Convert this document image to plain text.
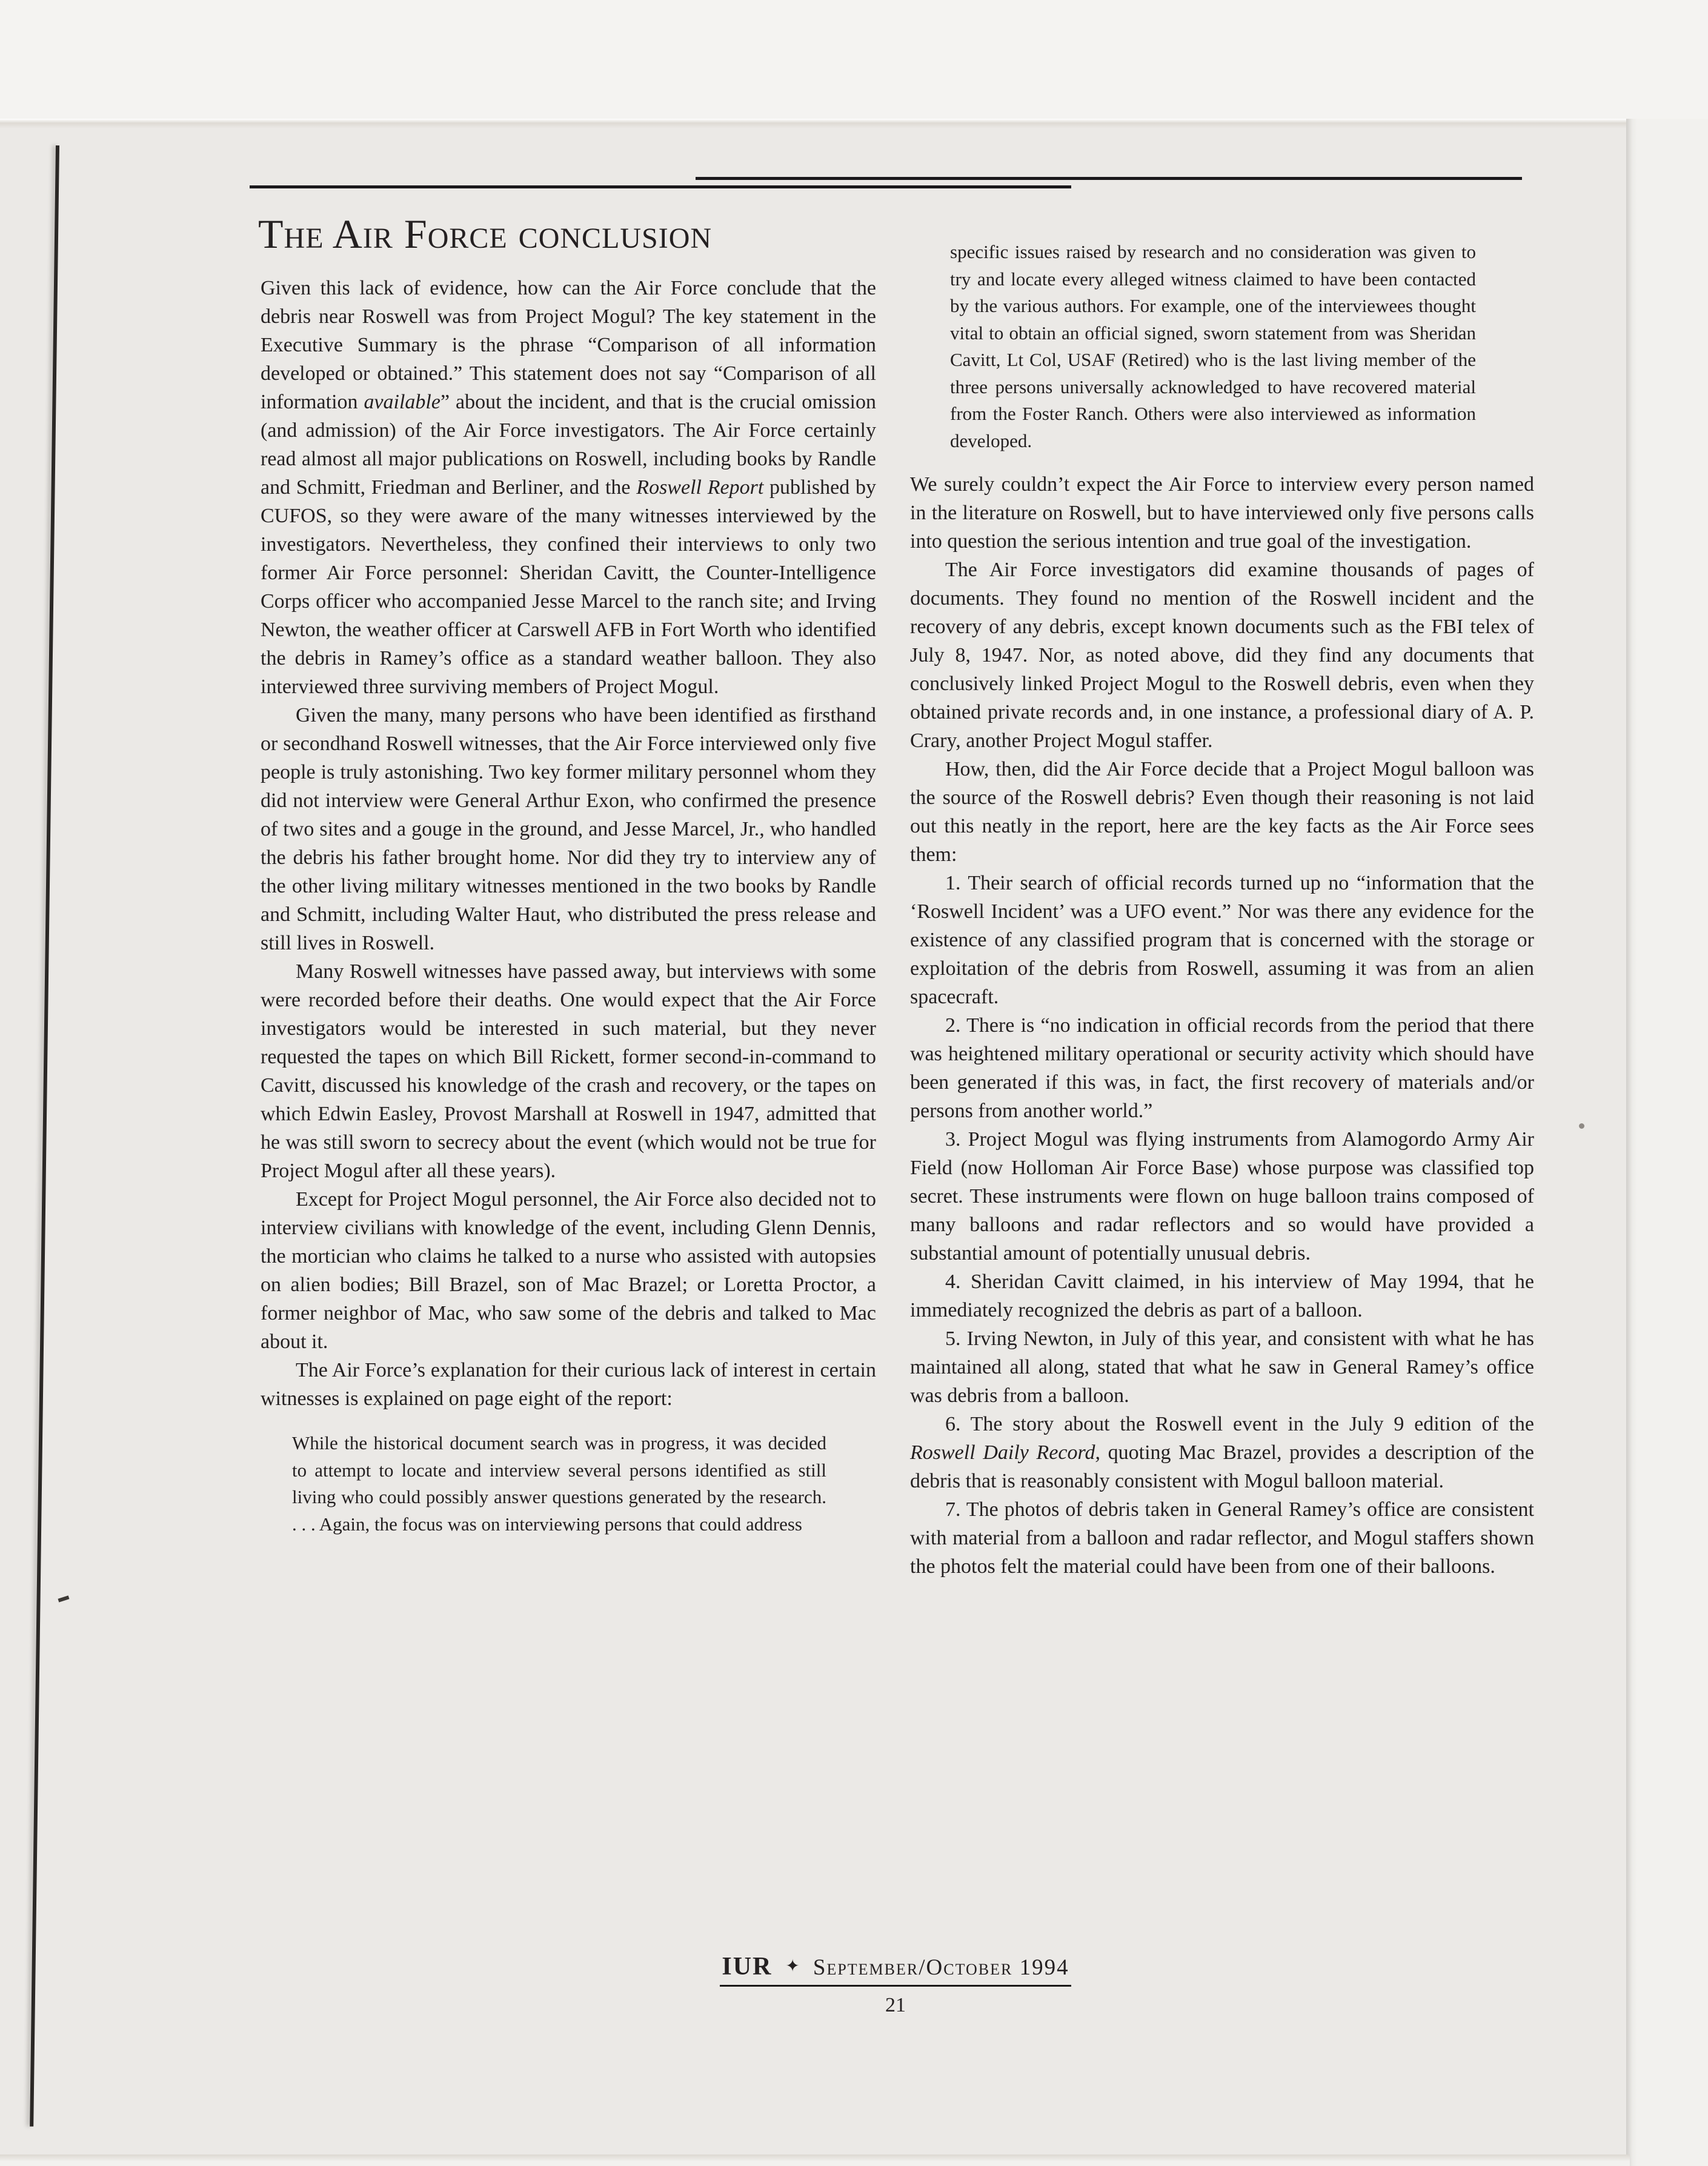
The Air Force conclusion

Given this lack of evidence, how can the Air Force conclude that the debris near Roswell was from Project Mogul? The key statement in the Executive Summary is the phrase “Comparison of all information developed or obtained.” This statement does not say “Comparison of all information available” about the incident, and that is the crucial omission (and admission) of the Air Force investigators. The Air Force certainly read almost all major publications on Roswell, including books by Randle and Schmitt, Friedman and Berliner, and the Roswell Report published by CUFOS, so they were aware of the many witnesses interviewed by the investigators. Nevertheless, they confined their interviews to only two former Air Force personnel: Sheridan Cavitt, the Counter-Intelligence Corps officer who accompanied Jesse Marcel to the ranch site; and Irving Newton, the weather officer at Carswell AFB in Fort Worth who identified the debris in Ramey’s office as a standard weather balloon. They also interviewed three surviving members of Project Mogul.

Given the many, many persons who have been identified as firsthand or secondhand Roswell witnesses, that the Air Force interviewed only five people is truly astonishing. Two key former military personnel whom they did not interview were General Arthur Exon, who confirmed the presence of two sites and a gouge in the ground, and Jesse Marcel, Jr., who handled the debris his father brought home. Nor did they try to interview any of the other living military witnesses mentioned in the two books by Randle and Schmitt, including Walter Haut, who distributed the press release and still lives in Roswell.

Many Roswell witnesses have passed away, but interviews with some were recorded before their deaths. One would expect that the Air Force investigators would be interested in such material, but they never requested the tapes on which Bill Rickett, former second-in-command to Cavitt, discussed his knowledge of the crash and recovery, or the tapes on which Edwin Easley, Provost Marshall at Roswell in 1947, admitted that he was still sworn to secrecy about the event (which would not be true for Project Mogul after all these years).

Except for Project Mogul personnel, the Air Force also decided not to interview civilians with knowledge of the event, including Glenn Dennis, the mortician who claims he talked to a nurse who assisted with autopsies on alien bodies; Bill Brazel, son of Mac Brazel; or Loretta Proctor, a former neighbor of Mac, who saw some of the debris and talked to Mac about it.

The Air Force’s explanation for their curious lack of interest in certain witnesses is explained on page eight of the report:

While the historical document search was in progress, it was decided to attempt to locate and interview several persons identified as still living who could possibly answer questions generated by the research. . . . Again, the focus was on interviewing persons that could address

specific issues raised by research and no consideration was given to try and locate every alleged witness claimed to have been contacted by the various authors. For example, one of the interviewees thought vital to obtain an official signed, sworn statement from was Sheridan Cavitt, Lt Col, USAF (Retired) who is the last living member of the three persons universally acknowledged to have recovered material from the Foster Ranch. Others were also interviewed as information developed.

We surely couldn’t expect the Air Force to interview every person named in the literature on Roswell, but to have interviewed only five persons calls into question the serious intention and true goal of the investigation.

The Air Force investigators did examine thousands of pages of documents. They found no mention of the Roswell incident and the recovery of any debris, except known documents such as the FBI telex of July 8, 1947. Nor, as noted above, did they find any documents that conclusively linked Project Mogul to the Roswell debris, even when they obtained private records and, in one instance, a professional diary of A. P. Crary, another Project Mogul staffer.

How, then, did the Air Force decide that a Project Mogul balloon was the source of the Roswell debris? Even though their reasoning is not laid out this neatly in the report, here are the key facts as the Air Force sees them:

1. Their search of official records turned up no “information that the ‘Roswell Incident’ was a UFO event.” Nor was there any evidence for the existence of any classified program that is concerned with the storage or exploitation of the debris from Roswell, assuming it was from an alien spacecraft.

2. There is “no indication in official records from the period that there was heightened military operational or security activity which should have been generated if this was, in fact, the first recovery of materials and/or persons from another world.”

3. Project Mogul was flying instruments from Alamogordo Army Air Field (now Holloman Air Force Base) whose purpose was classified top secret. These instruments were flown on huge balloon trains composed of many balloons and radar reflectors and so would have provided a substantial amount of potentially unusual debris.

4. Sheridan Cavitt claimed, in his interview of May 1994, that he immediately recognized the debris as part of a balloon.

5. Irving Newton, in July of this year, and consistent with what he has maintained all along, stated that what he saw in General Ramey’s office was debris from a balloon.

6. The story about the Roswell event in the July 9 edition of the Roswell Daily Record, quoting Mac Brazel, provides a description of the debris that is reasonably consistent with Mogul balloon material.

7. The photos of debris taken in General Ramey’s office are consistent with material from a balloon and radar reflector, and Mogul staffers shown the photos felt the material could have been from one of their balloons.

IUR ✦ September/October 1994
21
